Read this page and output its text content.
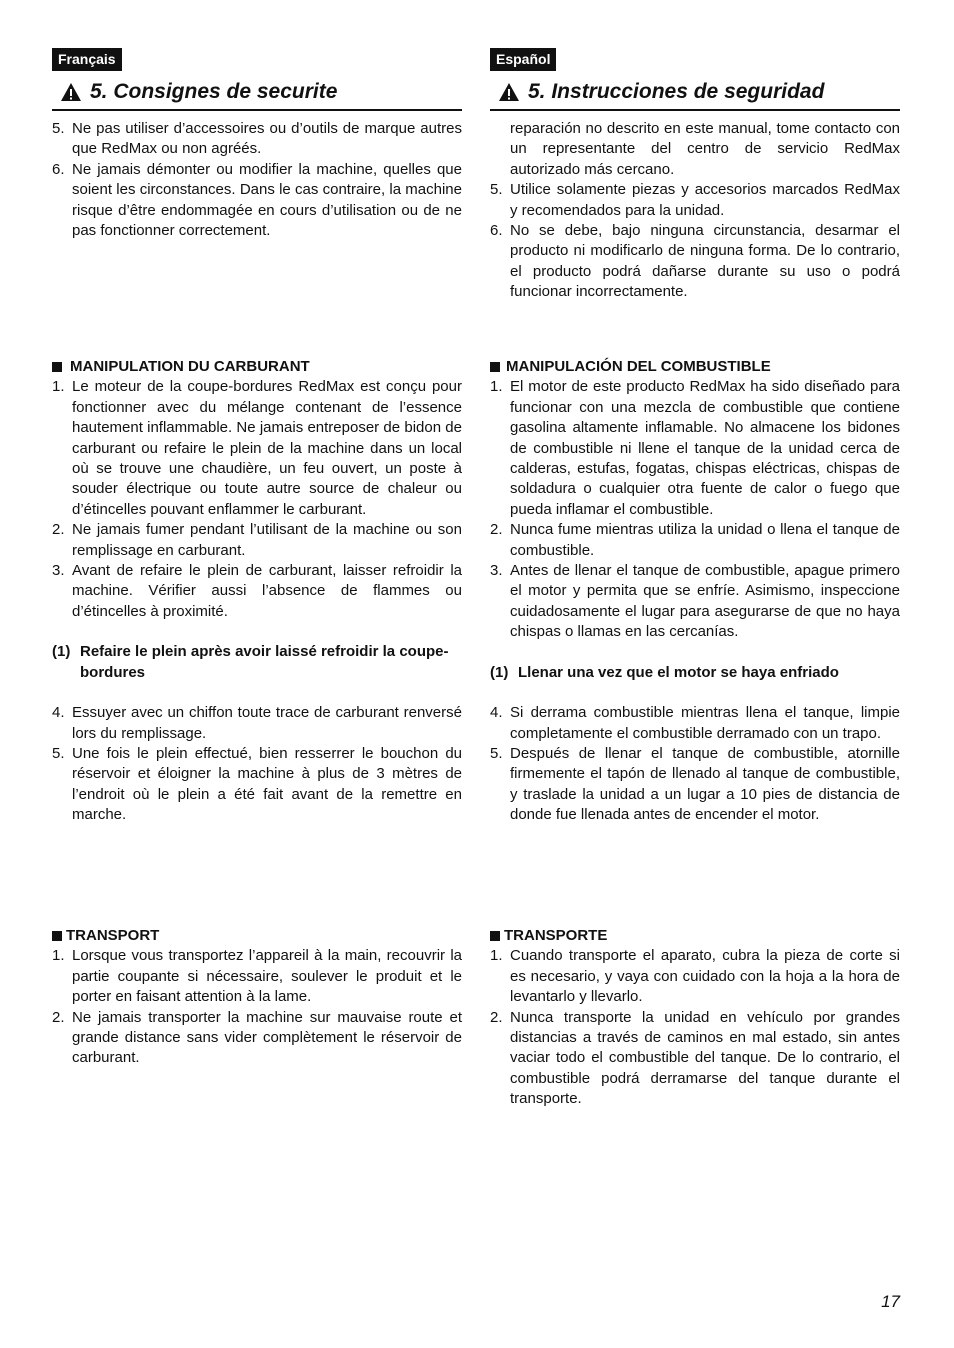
Français
5. Consignes de securite
5. Ne pas utiliser d’accessoires ou d’outils de marque autres que RedMax ou non agréés.
6. Ne jamais démonter ou modifier la machine, quelles que soient les circonstances. Dans le cas contraire, la machine risque d’être endommagée en cours d’utilisation ou de ne pas fonctionner correctement.
MANIPULATION DU CARBURANT
1. Le moteur de la coupe-bordures RedMax est conçu pour fonctionner avec du mélange contenant de l’essence hautement inflammable. Ne jamais entreposer de bidon de carburant ou refaire le plein de la machine dans un local où se trouve une chaudière, un feu ouvert, un poste à souder électrique ou toute autre source de chaleur ou d’étincelles pouvant enflammer le carburant.
2. Ne jamais fumer pendant l’utilisant de la machine ou son remplissage en carburant.
3. Avant de refaire le plein de carburant, laisser refroidir la machine. Vérifier aussi l’absence de flammes ou d’étincelles à proximité.
(1) Refaire le plein après avoir laissé refroidir la coupe-bordures
4. Essuyer avec un chiffon toute trace de carburant renversé lors du remplissage.
5. Une fois le plein effectué, bien resserrer le bouchon du réservoir et éloigner la machine à plus de 3 mètres de l’endroit où le plein a été fait avant de la remettre en marche.
TRANSPORT
1. Lorsque vous transportez l’appareil à la main, recouvrir la partie coupante si nécessaire, soulever le produit et le porter en faisant attention à la lame.
2. Ne jamais transporter la machine sur mauvaise route et grande distance sans vider complètement le réservoir de carburant.
Español
5. Instrucciones de seguridad
reparación no descrito en este manual, tome contacto con un representante del centro de servicio RedMax autorizado más cercano.
5. Utilice solamente piezas y accesorios marcados RedMax y recomendados para la unidad.
6. No se debe, bajo ninguna circunstancia, desarmar el producto ni modificarlo de ninguna forma. De lo contrario, el producto podrá dañarse durante su uso o podrá funcionar incorrectamente.
MANIPULACIÓN DEL COMBUSTIBLE
1. El motor de este producto RedMax ha sido diseñado para funcionar con una mezcla de combustible que contiene gasolina altamente inflamable. No almacene los bidones de combustible ni llene el tanque de la unidad cerca de calderas, estufas, fogatas, chispas eléctricas, chispas de soldadura o cualquier otra fuente de calor o fuego que pueda inflamar el combustible.
2. Nunca fume mientras utiliza la unidad o llena el tanque de combustible.
3. Antes de llenar el tanque de combustible, apague primero el motor y permita que se enfríe. Asimismo, inspeccione cuidadosamente el lugar para asegurarse de que no haya chispas o llamas en las cercanías.
(1) Llenar una vez que el motor se haya enfriado
4. Si derrama combustible mientras llena el tanque, limpie completamente el combustible derramado con un trapo.
5. Después de llenar el tanque de combustible, atornille firmemente el tapón de llenado al tanque de combustible, y traslade la unidad a un lugar a 10 pies de distancia de donde fue llenada antes de encender el motor.
TRANSPORTE
1. Cuando transporte el aparato, cubra la pieza de corte si es necesario, y vaya con cuidado con la hoja a la hora de levantarlo y llevarlo.
2. Nunca transporte la unidad en vehículo por grandes distancias a través de caminos en mal estado, sin antes vaciar todo el combustible del tanque. De lo contrario, el combustible podrá derramarse del tanque durante el transporte.
17
